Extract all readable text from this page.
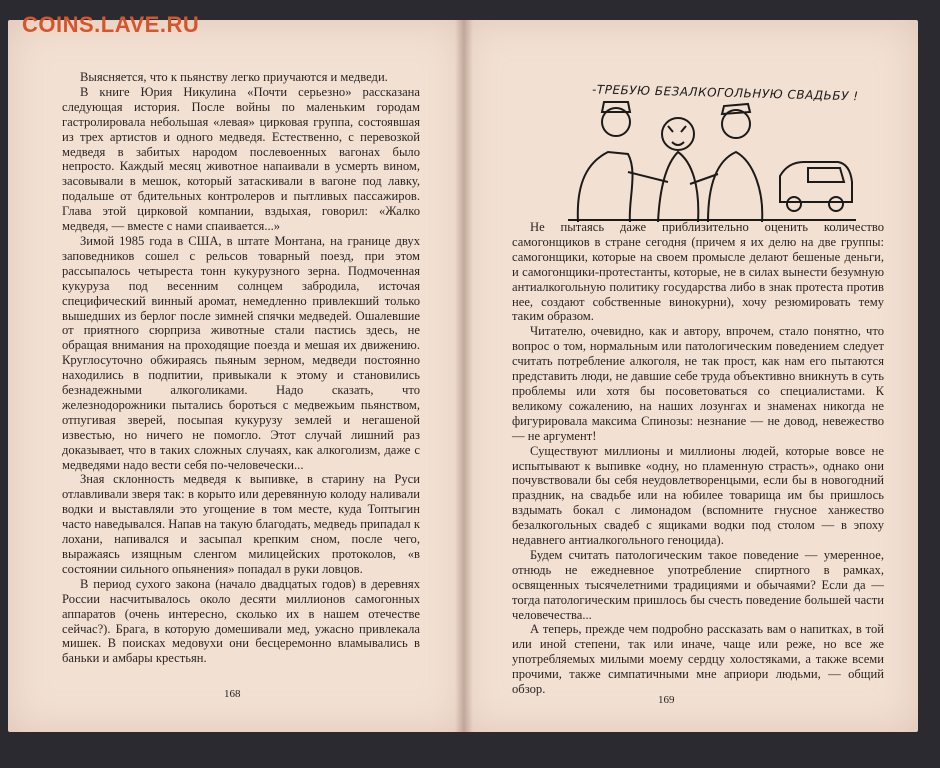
COINS.LAVE.RU

Выясняется, что к пьянству легко приучаются и медведи.

В книге Юрия Никулина «Почти серьезно» рассказана следующая история. После войны по маленьким городам гастролировала небольшая «левая» цирковая группа, состоявшая из трех артистов и одного медведя. Естественно, с перевозкой медведя в забитых народом послевоенных вагонах было непросто. Каждый месяц животное напаивали в усмерть вином, засовывали в мешок, который затаскивали в вагоне под лавку, подальше от бдительных контролеров и пытливых пассажиров. Глава этой цирковой компании, вздыхая, говорил: «Жалко медведя, — вместе с нами спаивается...»

Зимой 1985 года в США, в штате Монтана, на границе двух заповедников сошел с рельсов товарный поезд, при этом рассыпалось четыреста тонн кукурузного зерна. Подмоченная кукуруза под весенним солнцем забродила, источая специфический винный аромат, немедленно привлекший только вышедших из берлог после зимней спячки медведей. Ошалевшие от приятного сюрприза животные стали пастись здесь, не обращая внимания на проходящие поезда и мешая их движению. Круглосуточно обжираясь пьяным зерном, медведи постоянно находились в подпитии, привыкали к этому и становились безнадежными алкоголиками. Надо сказать, что железнодорожники пытались бороться с медвежьим пьянством, отпугивая зверей, посыпая кукурузу землей и негашеной известью, но ничего не помогло. Этот случай лишний раз доказывает, что в таких сложных случаях, как алкоголизм, даже с медведями надо вести себя по-человечески...

Зная склонность медведя к выпивке, в старину на Руси отлавливали зверя так: в корыто или деревянную колоду наливали водки и выставляли это угощение в том месте, куда Топтыгин часто наведывался. Напав на такую благодать, медведь припадал к лохани, напивался и засыпал крепким сном, после чего, выражаясь изящным сленгом милицейских протоколов, «в состоянии сильного опьянения» попадал в руки ловцов.

В период сухого закона (начало двадцатых годов) в деревнях России насчитывалось около десяти миллионов самогонных аппаратов (очень интересно, сколько их в нашем отечестве сейчас?). Брага, в которую домешивали мед, ужасно привлекала мишек. В поисках медовухи они бесцеремонно вламывались в баньки и амбары крестьян.

168
-ТРЕБУЮ БЕЗАЛКОГОЛЬНУЮ СВАДЬБУ !

Не пытаясь даже приблизительно оценить количество самогонщиков в стране сегодня (причем я их делю на две группы: самогонщики, которые на своем промысле делают бешеные деньги, и самогонщики-протестанты, которые, не в силах вынести безумную антиалкогольную политику государства либо в знак протеста против нее, создают собственные винокурни), хочу резюмировать тему таким образом.

Читателю, очевидно, как и автору, впрочем, стало понятно, что вопрос о том, нормальным или патологическим поведением следует считать потребление алкоголя, не так прост, как нам его пытаются представить люди, не давшие себе труда объективно вникнуть в суть проблемы или хотя бы посоветоваться со специалистами. К великому сожалению, на наших лозунгах и знаменах никогда не фигурировала максима Спинозы: незнание — не довод, невежество — не аргумент!

Существуют миллионы и миллионы людей, которые вовсе не испытывают к выпивке «одну, но пламенную страсть», однако они почувствовали бы себя неудовлетворенцыми, если бы в новогодний праздник, на свадьбе или на юбилее товарища им бы пришлось вздымать бокал с лимонадом (вспомните гнусное ханжество безалкогольных свадеб с ящиками водки под столом — в эпоху недавнего антиалкогольного геноцида).

Будем считать патологическим такое поведение — умеренное, отнюдь не ежедневное употребление спиртного в рамках, освященных тысячелетними традициями и обычаями? Если да — тогда патологическим пришлось бы счесть поведение большей части человечества...

А теперь, прежде чем подробно рассказать вам о напитках, в той или иной степени, так или иначе, чаще или реже, но все же употребляемых милыми моему сердцу холостяками, а также всеми прочими, также симпатичными мне априори людьми, — общий обзор.

169
